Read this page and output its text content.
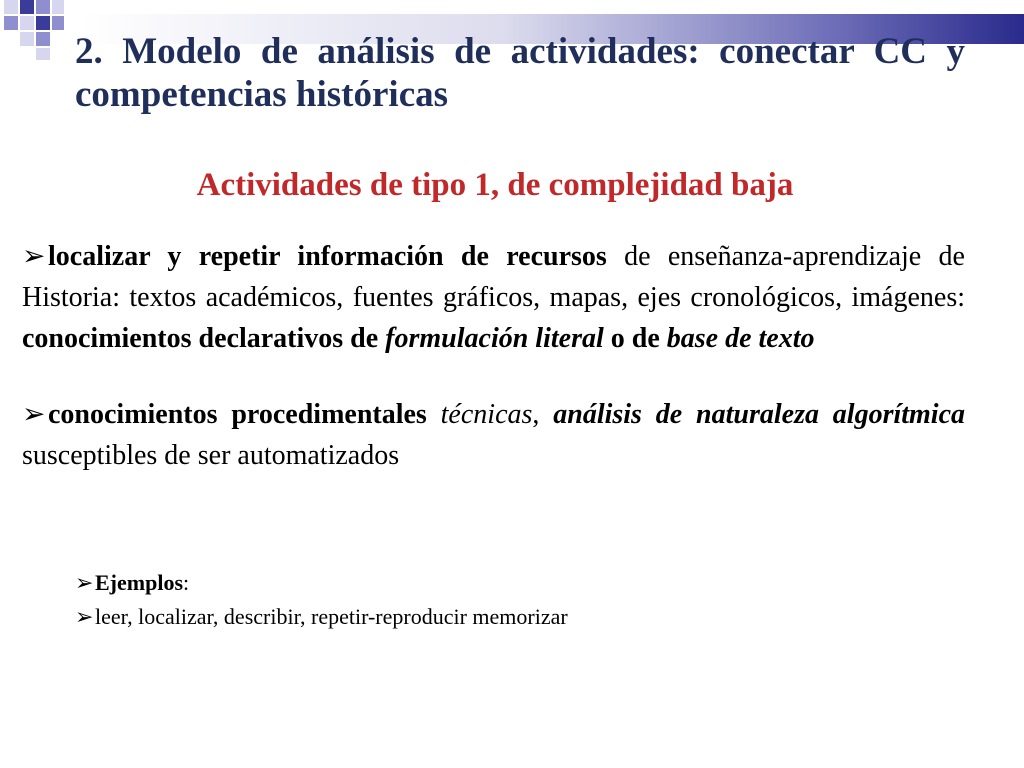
2. Modelo de análisis de actividades: conectar CC y competencias históricas
Actividades de tipo 1, de complejidad baja

➢localizar y repetir información de recursos de enseñanza-aprendizaje de Historia: textos académicos, fuentes gráficos, mapas, ejes cronológicos, imágenes: conocimientos declarativos de formulación literal o de base de texto

➢conocimientos procedimentales técnicas, análisis de naturaleza algorítmica susceptibles de ser automatizados

➢Ejemplos:

➢leer, localizar, describir, repetir-reproducir memorizar
